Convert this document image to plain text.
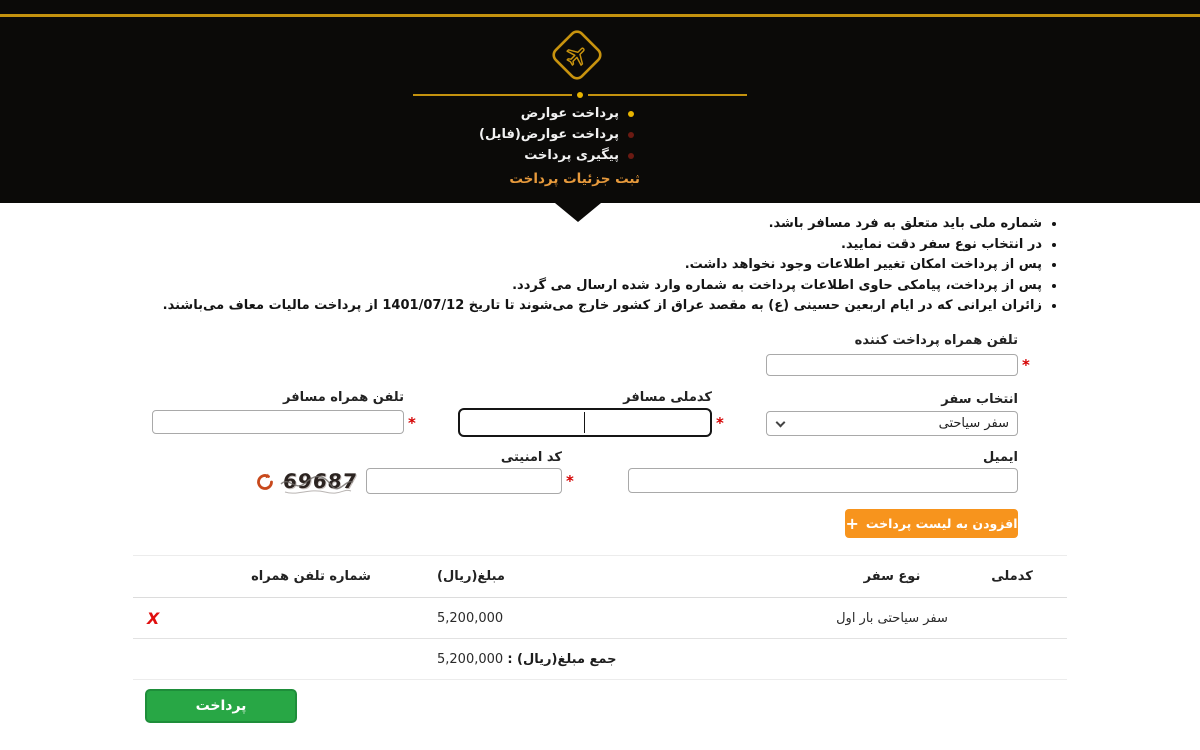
پرداخت عوارض
پرداخت عوارض(فایل)
پیگیری پرداخت
ثبت جزئیات پرداخت
• شماره ملی باید متعلق به فرد مسافر باشد.
• در انتخاب نوع سفر دقت نمایید.
• پس از پرداخت امکان تغییر اطلاعات وجود نخواهد داشت.
• پس از پرداخت، پیامکی حاوی اطلاعات پرداخت به شماره وارد شده ارسال می گردد.
• زائران ایرانی که در ایام اربعین حسینی (ع) به مقصد عراق از کشور خارج می‌شوند تا تاریخ 1401/07/12 از پرداخت مالیات معاف می‌باشند.
تلفن همراه پرداخت کننده
*
انتخاب سفر
سفر سیاحتی
کدملی مسافر
*
تلفن همراه مسافر
*
ایمیل
کد امنیتی
*
69687
افزودن به لیست پرداخت
+
کدملی	نوع سفر	مبلغ(ریال)	شماره تلفن همراه	
	سفر سیاحتی بار اول	5,200,000		X
		جمع مبلغ(ریال) : 5,200,000		
پرداخت
